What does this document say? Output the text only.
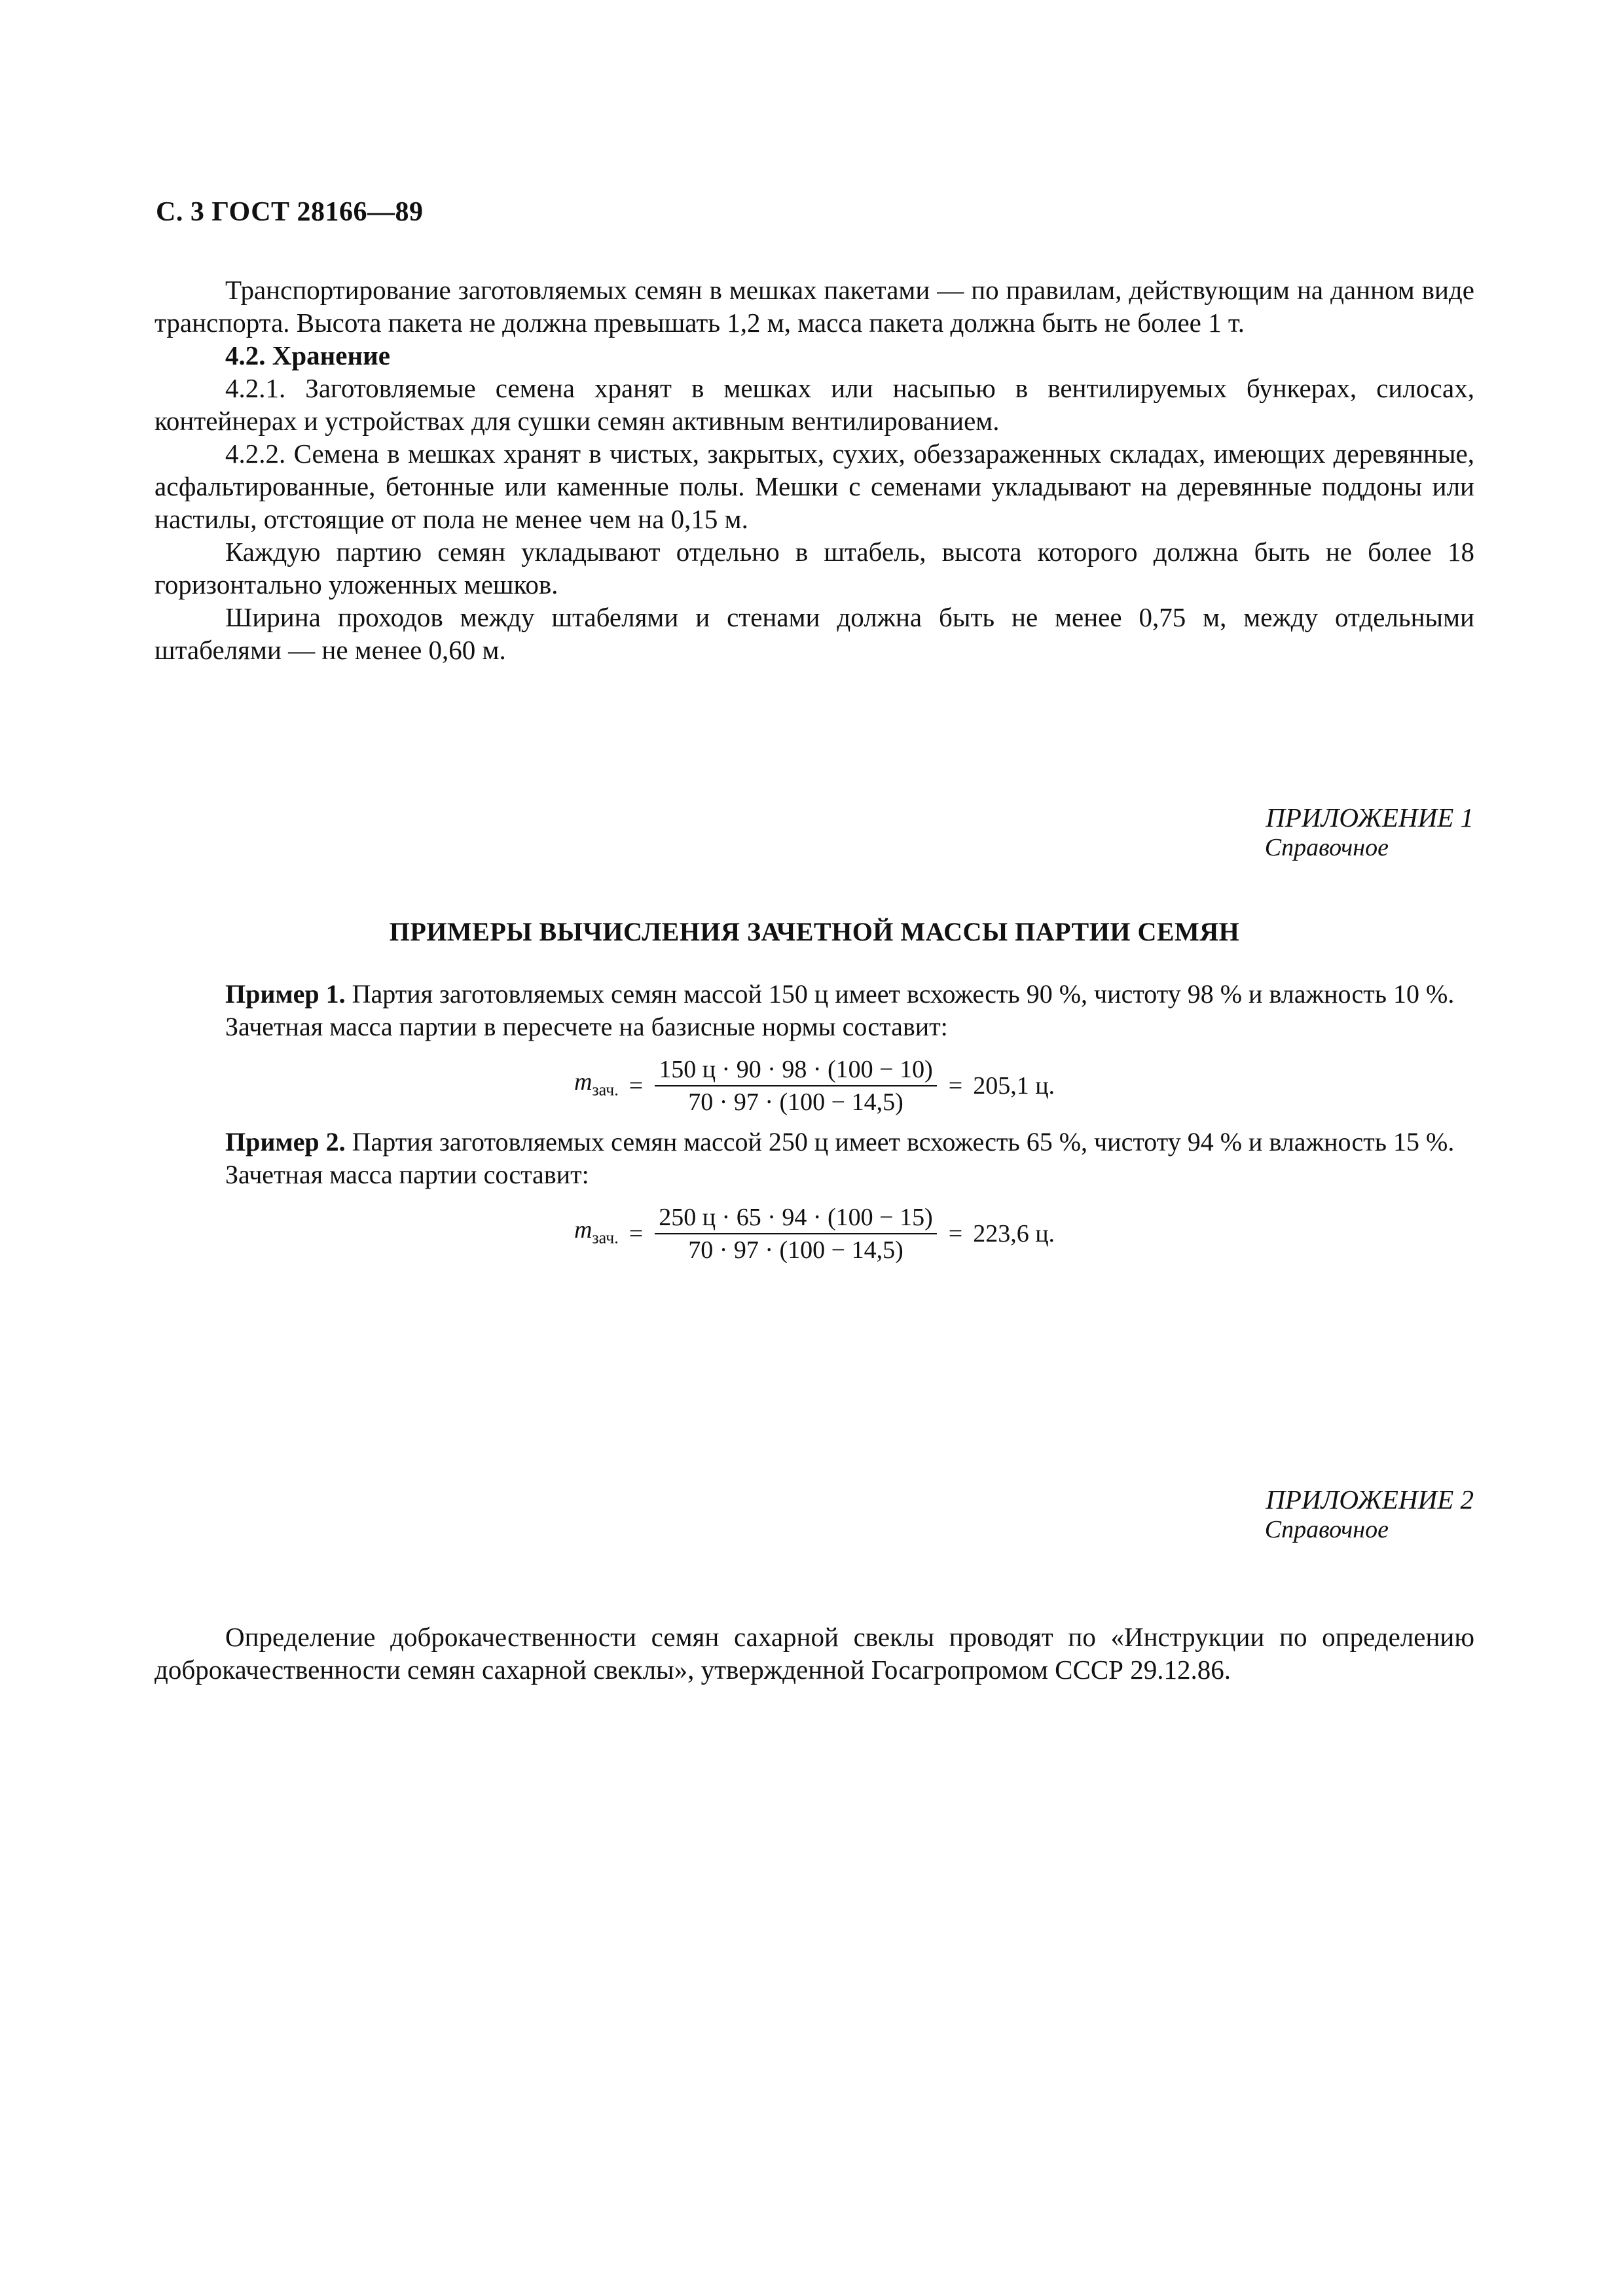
С. 3 ГОСТ 28166—89

Транспортирование заготовляемых семян в мешках пакетами — по правилам, действующим на данном виде транспорта. Высота пакета не должна превышать 1,2 м, масса пакета должна быть не более 1 т.

4.2. Хранение

4.2.1. Заготовляемые семена хранят в мешках или насыпью в вентилируемых бункерах, силосах, контейнерах и устройствах для сушки семян активным вентилированием.

4.2.2. Семена в мешках хранят в чистых, закрытых, сухих, обеззараженных складах, имеющих деревянные, асфальтированные, бетонные или каменные полы. Мешки с семенами укладывают на деревянные поддоны или настилы, отстоящие от пола не менее чем на 0,15 м.

Каждую партию семян укладывают отдельно в штабель, высота которого должна быть не более 18 горизонтально уложенных мешков.

Ширина проходов между штабелями и стенами должна быть не менее 0,75 м, между отдельными штабелями — не менее 0,60 м.

ПРИЛОЖЕНИЕ 1
Справочное
ПРИМЕРЫ ВЫЧИСЛЕНИЯ ЗАЧЕТНОЙ МАССЫ ПАРТИИ СЕМЯН

Пример 1. Партия заготовляемых семян массой 150 ц имеет всхожесть 90 %, чистоту 98 % и влажность 10 %.

Зачетная масса партии в пересчете на базисные нормы составит:

$m_{зач.} = \frac{150 ц \cdot 90 \cdot 98 \cdot (100 - 10)}{70 \cdot 97 \cdot (100 - 14,5)} = 205,1$ ц.

Пример 2. Партия заготовляемых семян массой 250 ц имеет всхожесть 65 %, чистоту 94 % и влажность 15 %.

Зачетная масса партии составит:

$m_{зач.} = \frac{250 ц \cdot 65 \cdot 94 \cdot (100 - 15)}{70 \cdot 97 \cdot (100 - 14,5)} = 223,6$ ц.
ПРИЛОЖЕНИЕ 2
Справочное

Определение доброкачественности семян сахарной свеклы проводят по «Инструкции по определению доброкачественности семян сахарной свеклы», утвержденной Госагропромом СССР 29.12.86.
